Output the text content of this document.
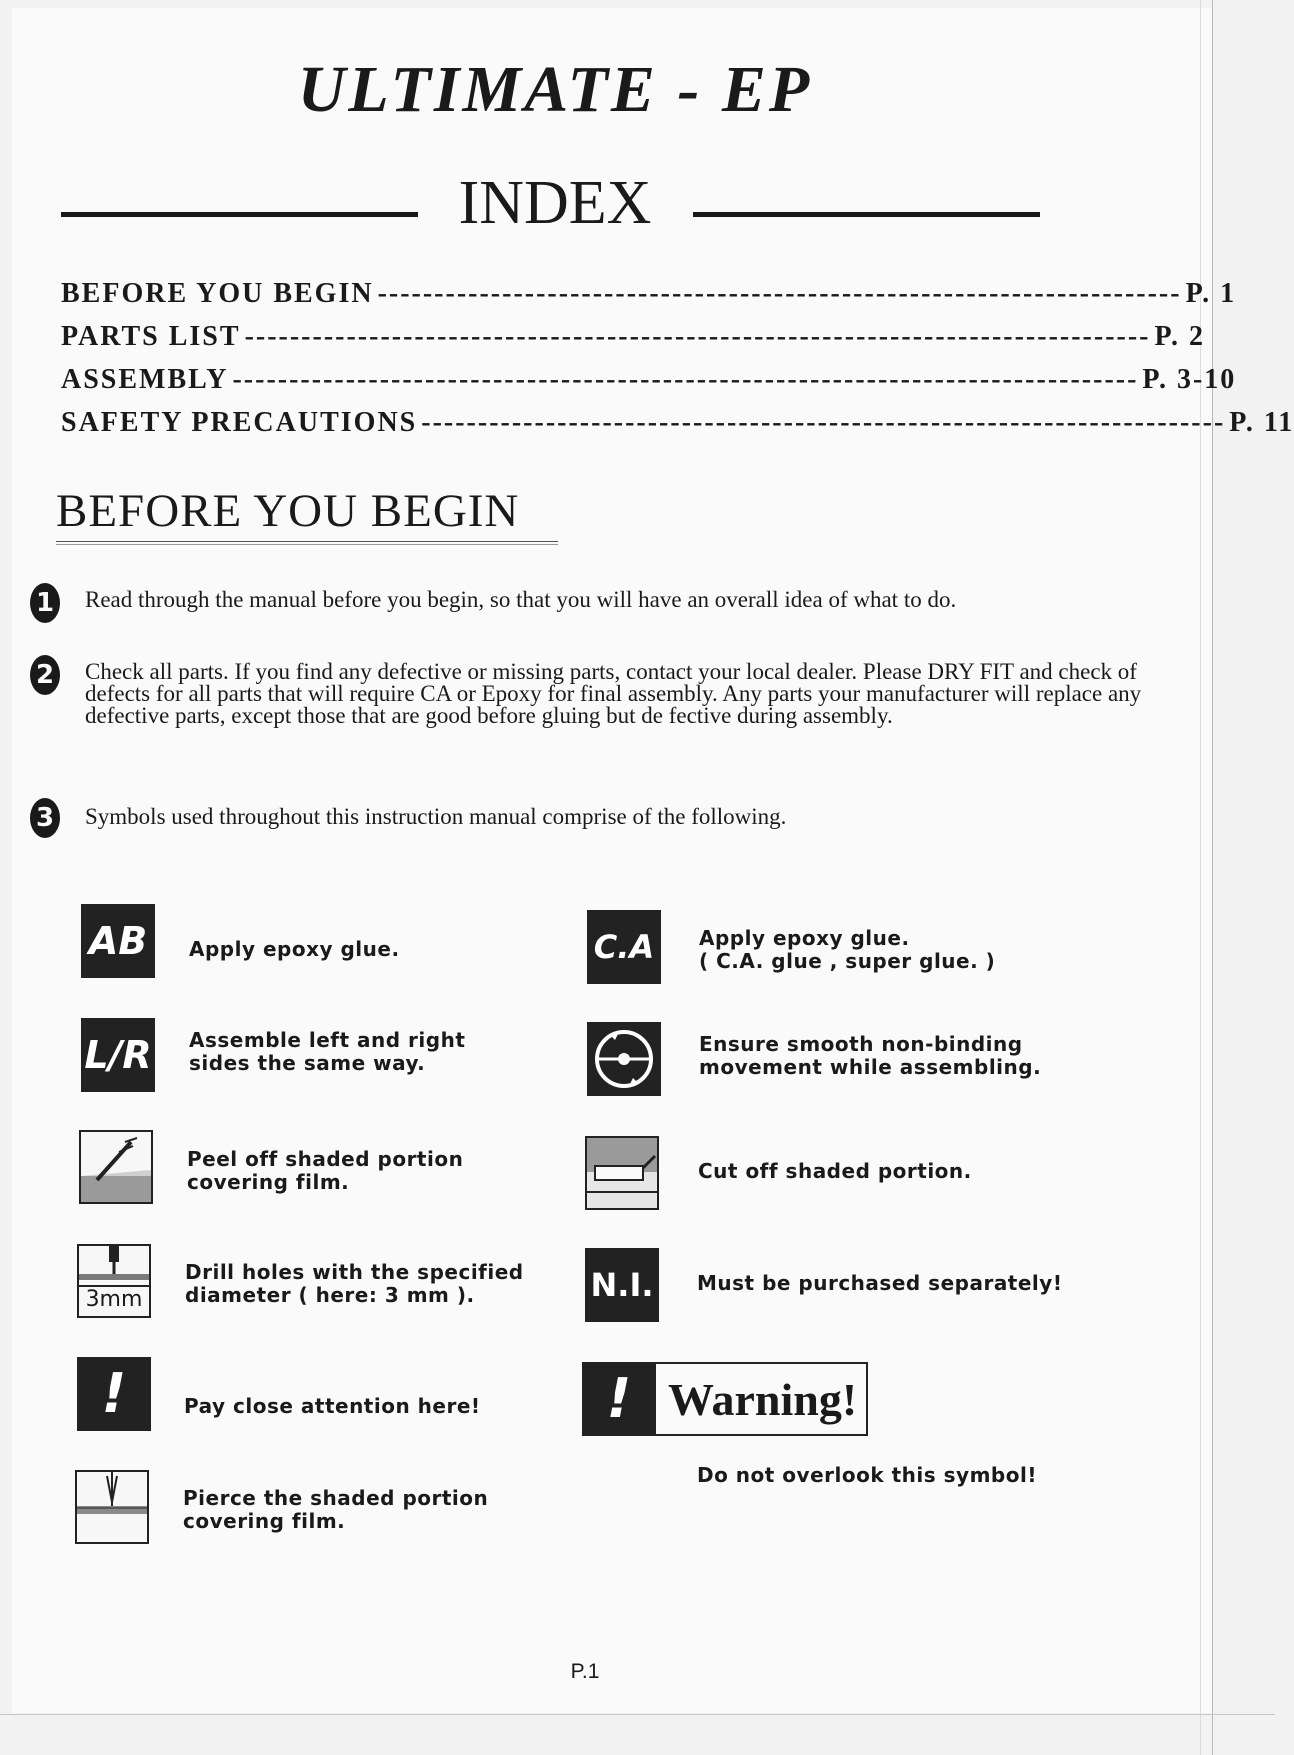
ULTIMATE - EP
INDEX
BEFORE YOU BEGIN ----------------------------------------------------------------------- P. 1
PARTS LIST -------------------------------------------------------------------------------- P. 2
ASSEMBLY -------------------------------------------------------------------------------- P. 3-10
SAFETY PRECAUTIONS ----------------------------------------------------------------------- P. 11
BEFORE YOU BEGIN
1 Read through the manual before you begin, so that you will have an overall idea of what to do.

2 Check all parts. If you find any defective or missing parts, contact your local dealer. Please DRY FIT and check of defects for all parts that will require CA or Epoxy for final assembly. Any parts your manufacturer will replace any defective parts, except those that are good before gluing but de fective during assembly.

3 Symbols used throughout this instruction manual comprise of the following.

AB	Apply epoxy glue.

L/R Assemble left and right
sides the same way.

Peel off shaded portion
covering film.

3mm

Drill holes with the specified
diameter ( here: 3 mm ).

!	Pay close attention here!

Pierce the shaded portion
covering film.

C.A	Apply epoxy glue.
( C.A. glue , super glue. )

Ensure smooth non-binding
movement while assembling.

Cut off shaded portion.

N.I. Must be purchased separately!

! Warning!

Do not overlook this symbol!

P.1
